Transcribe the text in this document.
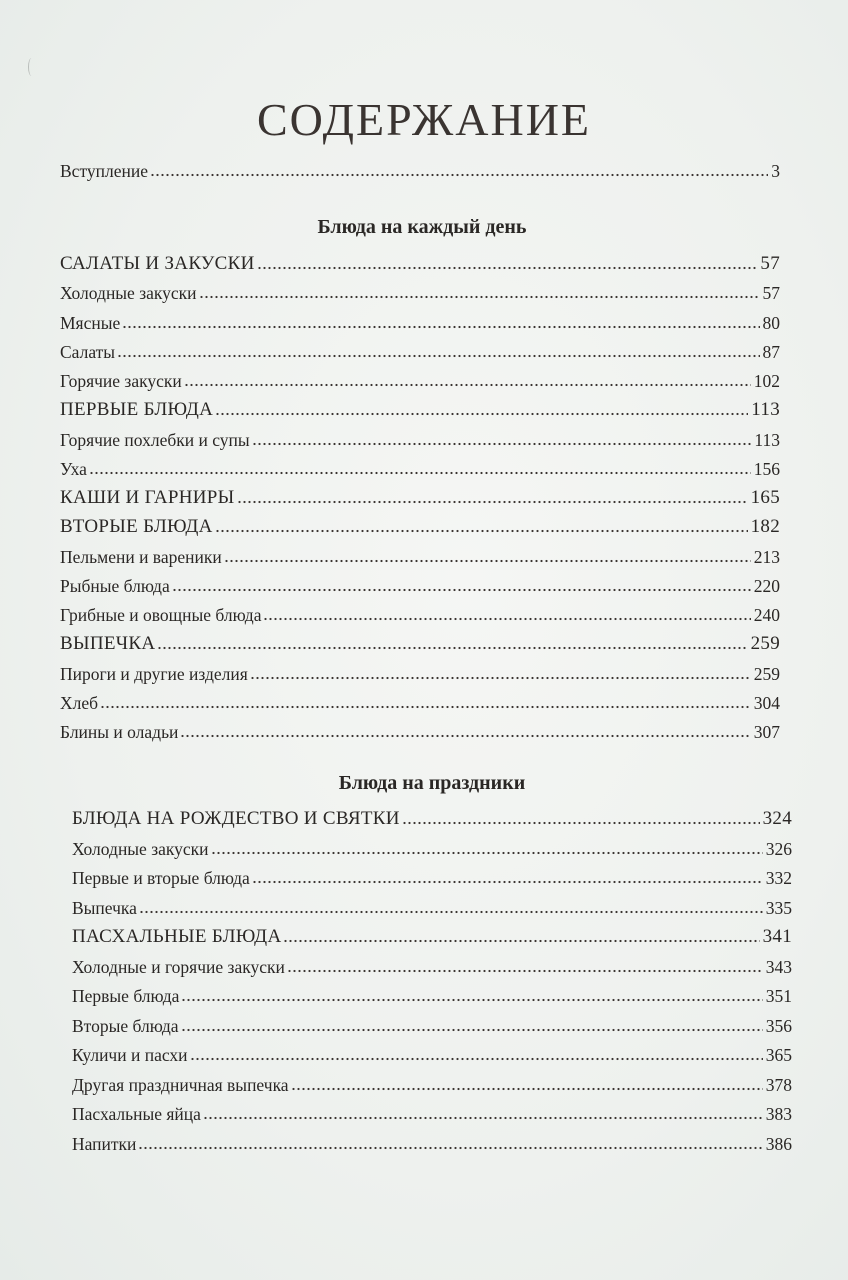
СОДЕРЖАНИЕ
Вступление	3
Блюда на каждый день
САЛАТЫ И ЗАКУСКИ	57
Холодные закуски	57
Мясные	80
Салаты	87
Горячие закуски	102
ПЕРВЫЕ БЛЮДА	113
Горячие похлебки и супы	113
Уха	156
КАШИ И ГАРНИРЫ	165
ВТОРЫЕ БЛЮДА	182
Пельмени и вареники	213
Рыбные блюда	220
Грибные и овощные блюда	240
ВЫПЕЧКА	259
Пироги и другие изделия	259
Хлеб	304
Блины и оладьи	307
Блюда на праздники
БЛЮДА НА РОЖДЕСТВО И СВЯТКИ	324
Холодные закуски	326
Первые и вторые блюда	332
Выпечка	335
ПАСХАЛЬНЫЕ БЛЮДА	341
Холодные и горячие закуски	343
Первые блюда	351
Вторые блюда	356
Куличи и пасхи	365
Другая праздничная выпечка	378
Пасхальные яйца	383
Напитки	386
